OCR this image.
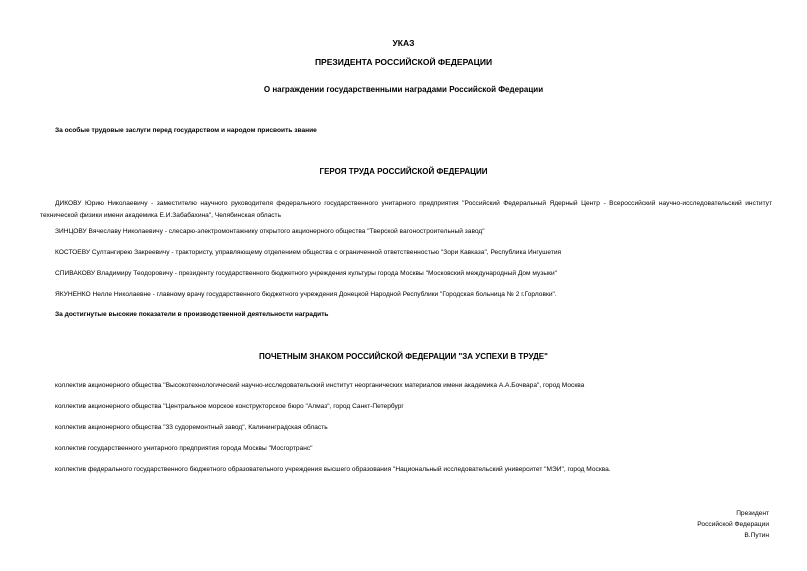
УКАЗ
ПРЕЗИДЕНТА РОССИЙСКОЙ ФЕДЕРАЦИИ
О награждении государственными наградами Российской Федерации
За особые трудовые заслуги перед государством и народом присвоить звание
ГЕРОЯ ТРУДА РОССИЙСКОЙ ФЕДЕРАЦИИ
ДИКОВУ Юрию Николаевичу - заместителю научного руководителя федерального государственного унитарного предприятия "Российский Федеральный Ядерный Центр - Всероссийский научно-исследовательский институт технической физики имени академика Е.И.Забабахина", Челябинская область
ЗИНЦОВУ Вячеславу Николаевичу - слесарю-электромонтажнику открытого акционерного общества "Тверской вагоностроительный завод"
КОСТОЕВУ Султангирею Закреевичу - трактористу, управляющему отделением общества с ограниченной ответственностью "Зори Кавказа", Республика Ингушетия
СПИВАКОВУ Владимиру Теодоровичу - президенту государственного бюджетного учреждения культуры города Москвы "Московский международный Дом музыки"
ЯКУНЕНКО Нелле Николаевне - главному врачу государственного бюджетного учреждения Донецкой Народной Республики "Городская больница № 2 г.Горловки".
За достигнутые высокие показатели в производственной деятельности наградить
ПОЧЕТНЫМ ЗНАКОМ РОССИЙСКОЙ ФЕДЕРАЦИИ "ЗА УСПЕХИ В ТРУДЕ"
коллектив акционерного общества "Высокотехнологический научно-исследовательский институт неорганических материалов имени академика А.А.Бочвара", город Москва
коллектив акционерного общества "Центральное морское конструкторское бюро "Алмаз", город Санкт-Петербург
коллектив акционерного общества "33 судоремонтный завод", Калининградская область
коллектив государственного унитарного предприятия города Москвы "Мосгортранс"
коллектив федерального государственного бюджетного образовательного учреждения высшего образования "Национальный исследовательский университет "МЭИ", город Москва.
Президент
Российской Федерации
В.Путин
